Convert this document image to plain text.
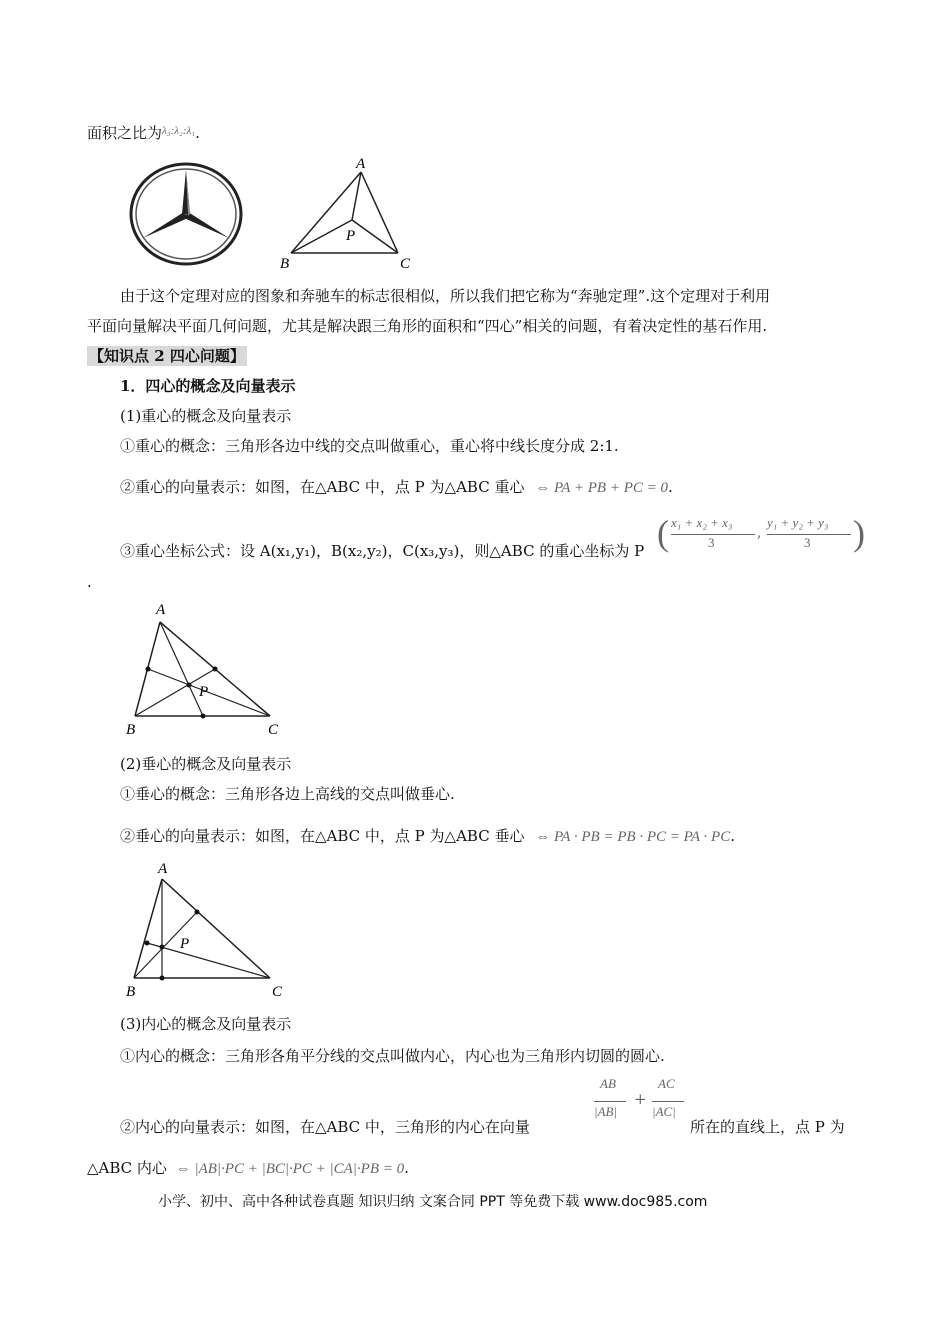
面积之比为$^{\lambda_3:\lambda_2:\lambda_1}$.
A
B	C
P
由于这个定理对应的图象和奔驰车的标志很相似，所以我们把它称为“奔驰定理”.这个定理对于利用
平面向量解决平面几何问题，尤其是解决跟三角形的面积和“四心”相关的问题，有着决定性的基石作用.
【知识点 2 四心问题】
1．四心的概念及向量表示
(1)重心的概念及向量表示
①重心的概念：三角形各边中线的交点叫做重心，重心将中线长度分成 2:1.
②重心的向量表示：如图，在△ABC 中，点 P 为△ABC 重心 ⇔ PA + PB + PC = 0.
③重心坐标公式：设 A(x₁,y₁)，B(x₂,y₂)，C(x₃,y₃)，则△ABC 的重心坐标为 P ( x₁ + x₂ + x₃
3
,
y₁ + y₂ + y₃
3 )
.
A
B	C
P
(2)垂心的概念及向量表示
①垂心的概念：三角形各边上高线的交点叫做垂心.
②垂心的向量表示：如图，在△ABC 中，点 P 为△ABC 垂心 ⇔ PA · PB = PB · PC = PA · PC.
A
B	C
P
(3)内心的概念及向量表示
①内心的概念：三角形各角平分线的交点叫做内心，内心也为三角形内切圆的圆心.
AB
|AB|
+
AC
|AC|
②内心的向量表示：如图，在△ABC 中，三角形的内心在向量	所在的直线上，点 P 为
△ABC 内心 ⇔ |AB|·PC + |BC|·PC + |CA|·PB = 0.
小学、初中、高中各种试卷真题 知识归纳 文案合同 PPT 等免费下载 www.doc985.com
